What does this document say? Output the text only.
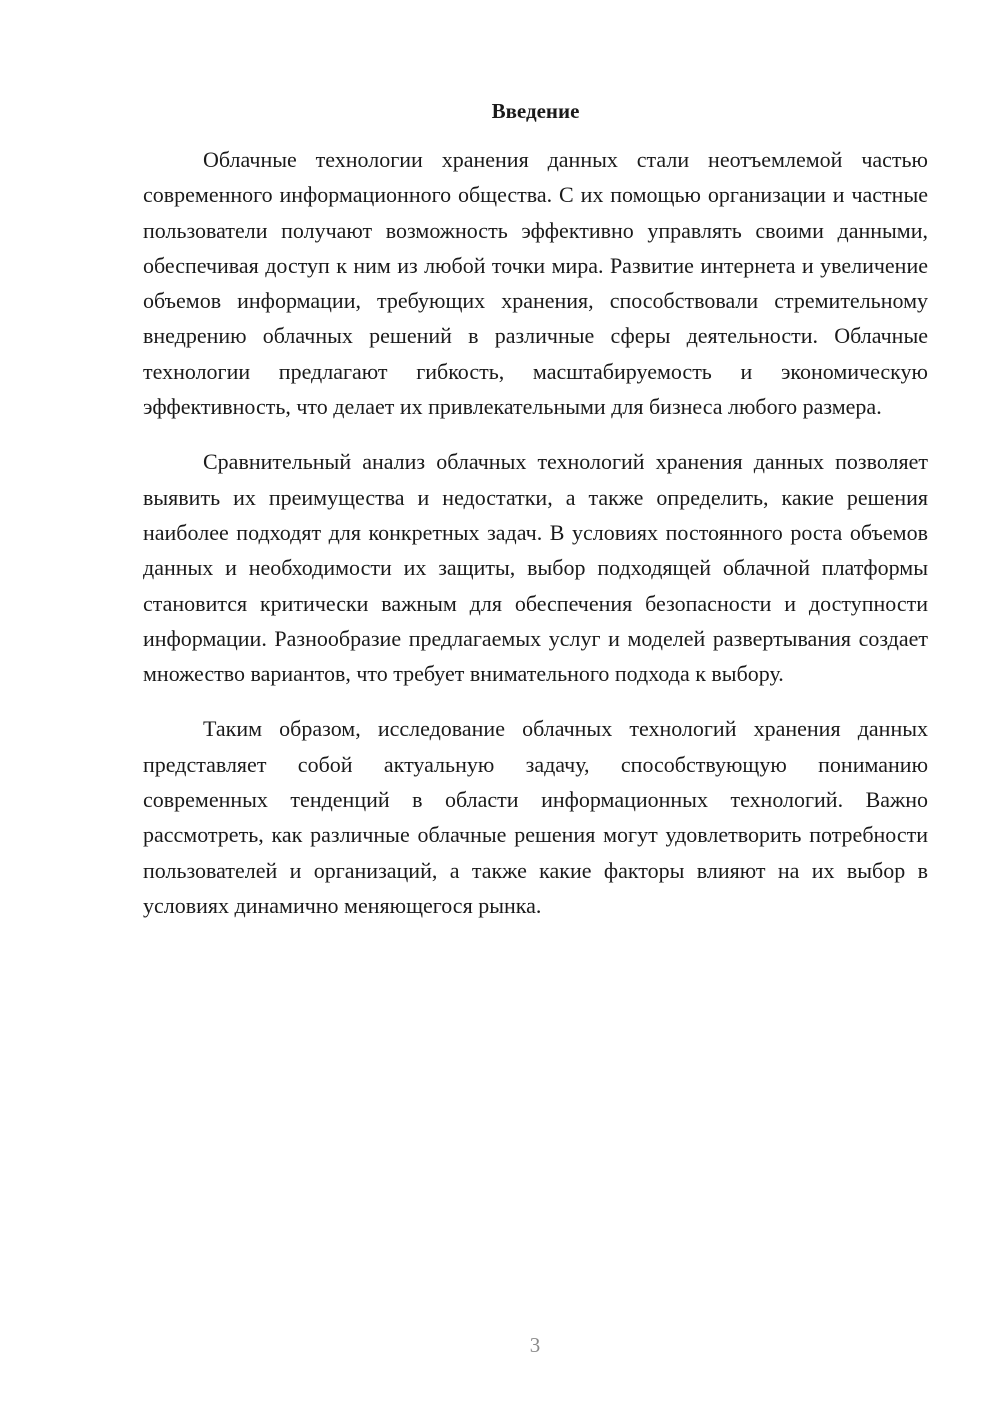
Введение

Облачные технологии хранения данных стали неотъемлемой частью современного информационного общества. С их помощью организации и частные пользователи получают возможность эффективно управлять своими данными, обеспечивая доступ к ним из любой точки мира. Развитие интернета и увеличение объемов информации, требующих хранения, способствовали стремительному внедрению облачных решений в различные сферы деятельности. Облачные технологии предлагают гибкость, масштабируемость и экономическую эффективность, что делает их привлекательными для бизнеса любого размера.

Сравнительный анализ облачных технологий хранения данных позволяет выявить их преимущества и недостатки, а также определить, какие решения наиболее подходят для конкретных задач. В условиях постоянного роста объемов данных и необходимости их защиты, выбор подходящей облачной платформы становится критически важным для обеспечения безопасности и доступности информации. Разнообразие предлагаемых услуг и моделей развертывания создает множество вариантов, что требует внимательного подхода к выбору.

Таким образом, исследование облачных технологий хранения данных представляет собой актуальную задачу, способствующую пониманию современных тенденций в области информационных технологий. Важно рассмотреть, как различные облачные решения могут удовлетворить потребности пользователей и организаций, а также какие факторы влияют на их выбор в условиях динамично меняющегося рынка.

3
